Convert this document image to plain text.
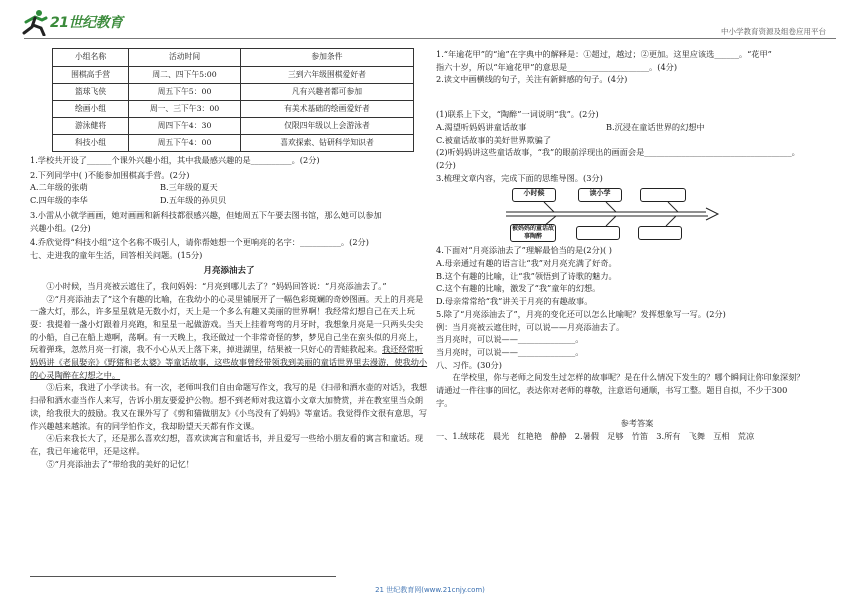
21世纪教育
中小学教育资源及组卷应用平台
小组名称	活动时间	参加条件
围棋高手营	周二、四下午5:00	三到六年级围棋爱好者
篮球飞侠	周五下午5：00	凡有兴趣者都可参加
绘画小组	周一、三下午3：00	有美术基础的绘画爱好者
游泳健将	周四下午4：30	仅限四年级以上会游泳者
科技小组	周五下午4：00	喜欢探索、钻研科学知识者

1.学校共开设了______个课外兴趣小组，其中我最感兴趣的是__________。(2分)

2.下列同学中( )不能参加围棋高手营。(2分)

A.二年级的张萌	B.三年级的夏天
C.四年级的李华	D.五年级的孙贝贝

3.小雷从小就学画画，她对画画和新科技都很感兴趣，但她周五下午要去图书馆，那么她可以参加

兴趣小组。(2分)

4.乔欣觉得“科技小组”这个名称不吸引人，请你帮她想一个更响亮的名字：__________。(2分)

七、走进我的童年生活，回答相关问题。(15分)

月亮添油去了

①小时候，当月亮被云遮住了，我问妈妈：“月亮到哪儿去了？”妈妈回答说：“月亮添油去了。”

②“月亮添油去了”这个有趣的比喻，在我幼小的心灵里铺展开了一幅色彩斑斓的奇妙图画。天上的月亮是一盏大灯，那么，许多星星就是无数小灯，天上是一个多么有趣又美丽的世界啊！我经常幻想自己在天上玩耍：我提着一盏小灯跟着月亮跑，和星星一起做游戏。当天上挂着弯弯的月牙时，我想象月亮是一只两头尖尖的小船，自己在船上遨啊，荡啊。有一天晚上，我还做过一个非常奇怪的梦，梦见自己坐在蛮头似的月亮上，玩着弹珠，忽然月亮一打滚，我不小心从天上落下来，掉进湖里，结果被一只好心的青蛙救起来。我还经常听妈妈讲《老鼠娶亲》《野猪和老太婆》等童话故事，这些故事曾经带领我到美丽的童话世界里去漫游，使我幼小的心灵陶醉在幻想之中。

③后来，我进了小学读书。有一次，老师叫我们自由命题写作文，我写的是《扫帚和洒水壶的对话》，我想扫帚和洒水壶当作人来写，告诉小朋友要爱护公物。想不到老师对我这篇小文章大加赞赏，并在教室里当众朗读，给我很大的鼓励。我又在课外写了《剪和猫做朋友》《小鸟没有了妈妈》等童话。我觉得作文很有意思，写作兴趣越来越浓。有的同学怕作文，我却盼望天天都有作文课。

④后来我长大了，还是那么喜欢幻想，喜欢读寓言和童话书，并且爱写一些给小朋友看的寓言和童话。现在，我已年逾花甲，还是这样。

⑤“月亮添油去了”带给我的美好的记忆！

1.“年逾花甲”的“逾”在字典中的解释是：①超过，越过；②更加。这里应该选______。“花甲”

指六十岁，所以“年逾花甲”的意思是____________________。(4分)

2.读文中画横线的句子，关注有新鲜感的句子。(4分)

(1)联系上下文，“陶醉”一词说明“我”。(2分)

A.渴望听妈妈讲童话故事	B.沉浸在童话世界的幻想中

C.被童话故事的美好世界欺骗了

(2)听妈妈讲这些童话故事，“我”的眼前浮现出的画面会是____________________________________。

(2分)

3.梳理文章内容，完成下面的思维导图。(3分)

小时候	读小学
被妈妈的童话故事陶醉

4.下面对“月亮添油去了”理解最恰当的是(2分)( )

A.母亲通过有趣的语言让“我”对月亮充满了好奇。

B.这个有趣的比喻，让“我”领悟到了诗歌的魅力。

C.这个有趣的比喻，激发了“我”童年的幻想。

D.母亲常常给“我”讲关于月亮的有趣故事。

5.除了“月亮添油去了”，月亮的变化还可以怎么比喻呢？发挥想象写一写。(2分)

例：当月亮被云遮住时，可以说——月亮添油去了。

当月亮时，可以说——______________。

当月亮时，可以说——______________。

八、习作。(30分)

在学校里，你与老师之间发生过怎样的故事呢？是在什么情况下发生的？哪个瞬间让你印象深刻？

请通过一件往事的回忆，表达你对老师的尊敬，注意语句通顺，书写工整。题目自拟，不少于300

字。

参考答案

一、1.绒球花　晨光　红艳艳　静静　2.暑假　足够　竹笛　3.所有　飞舞　互相　荒凉

21 世纪教育网(www.21cnjy.com)
